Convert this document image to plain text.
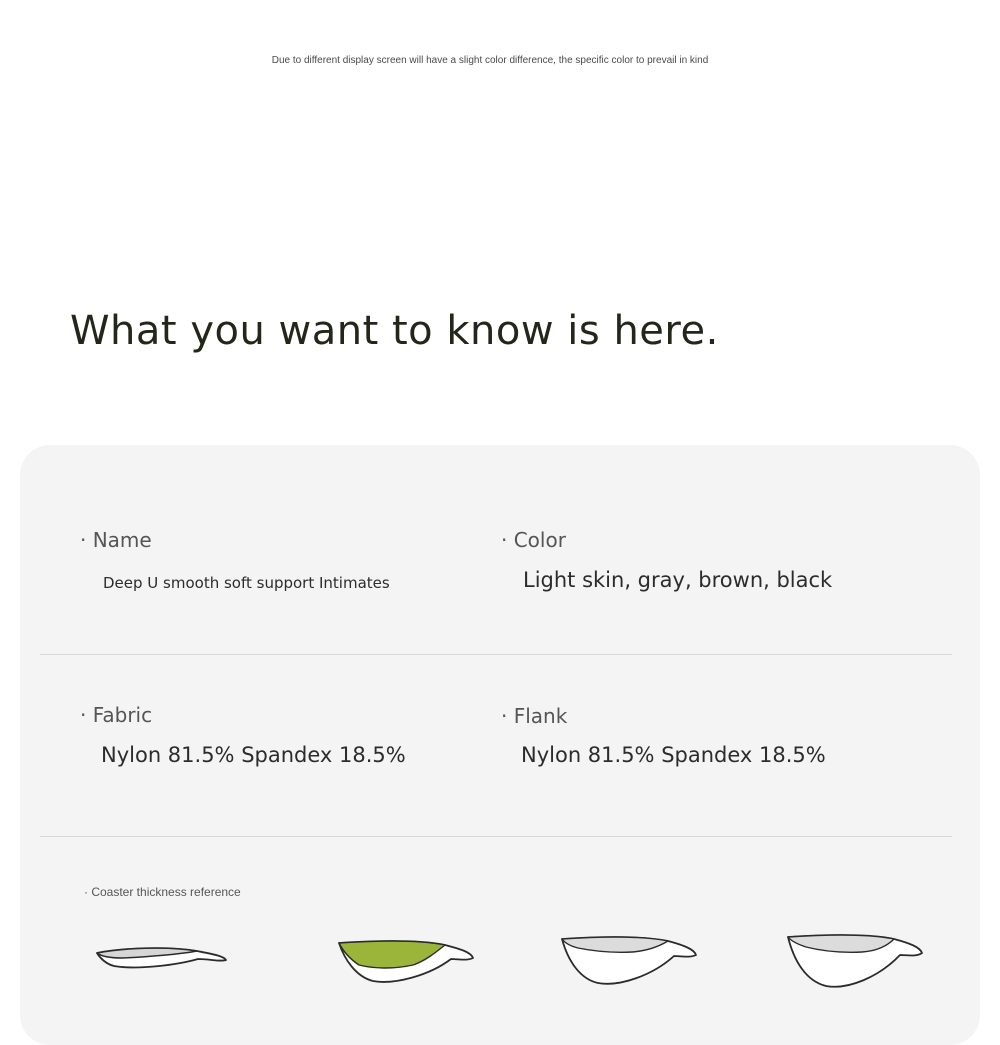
Due to different display screen will have a slight color difference, the specific color to prevail in kind
What you want to know is here.
· Name
Deep U smooth soft support Intimates
· Color
Light skin, gray, brown, black
· Fabric
Nylon 81.5% Spandex 18.5%
· Flank
Nylon 81.5% Spandex 18.5%
· Coaster thickness reference
